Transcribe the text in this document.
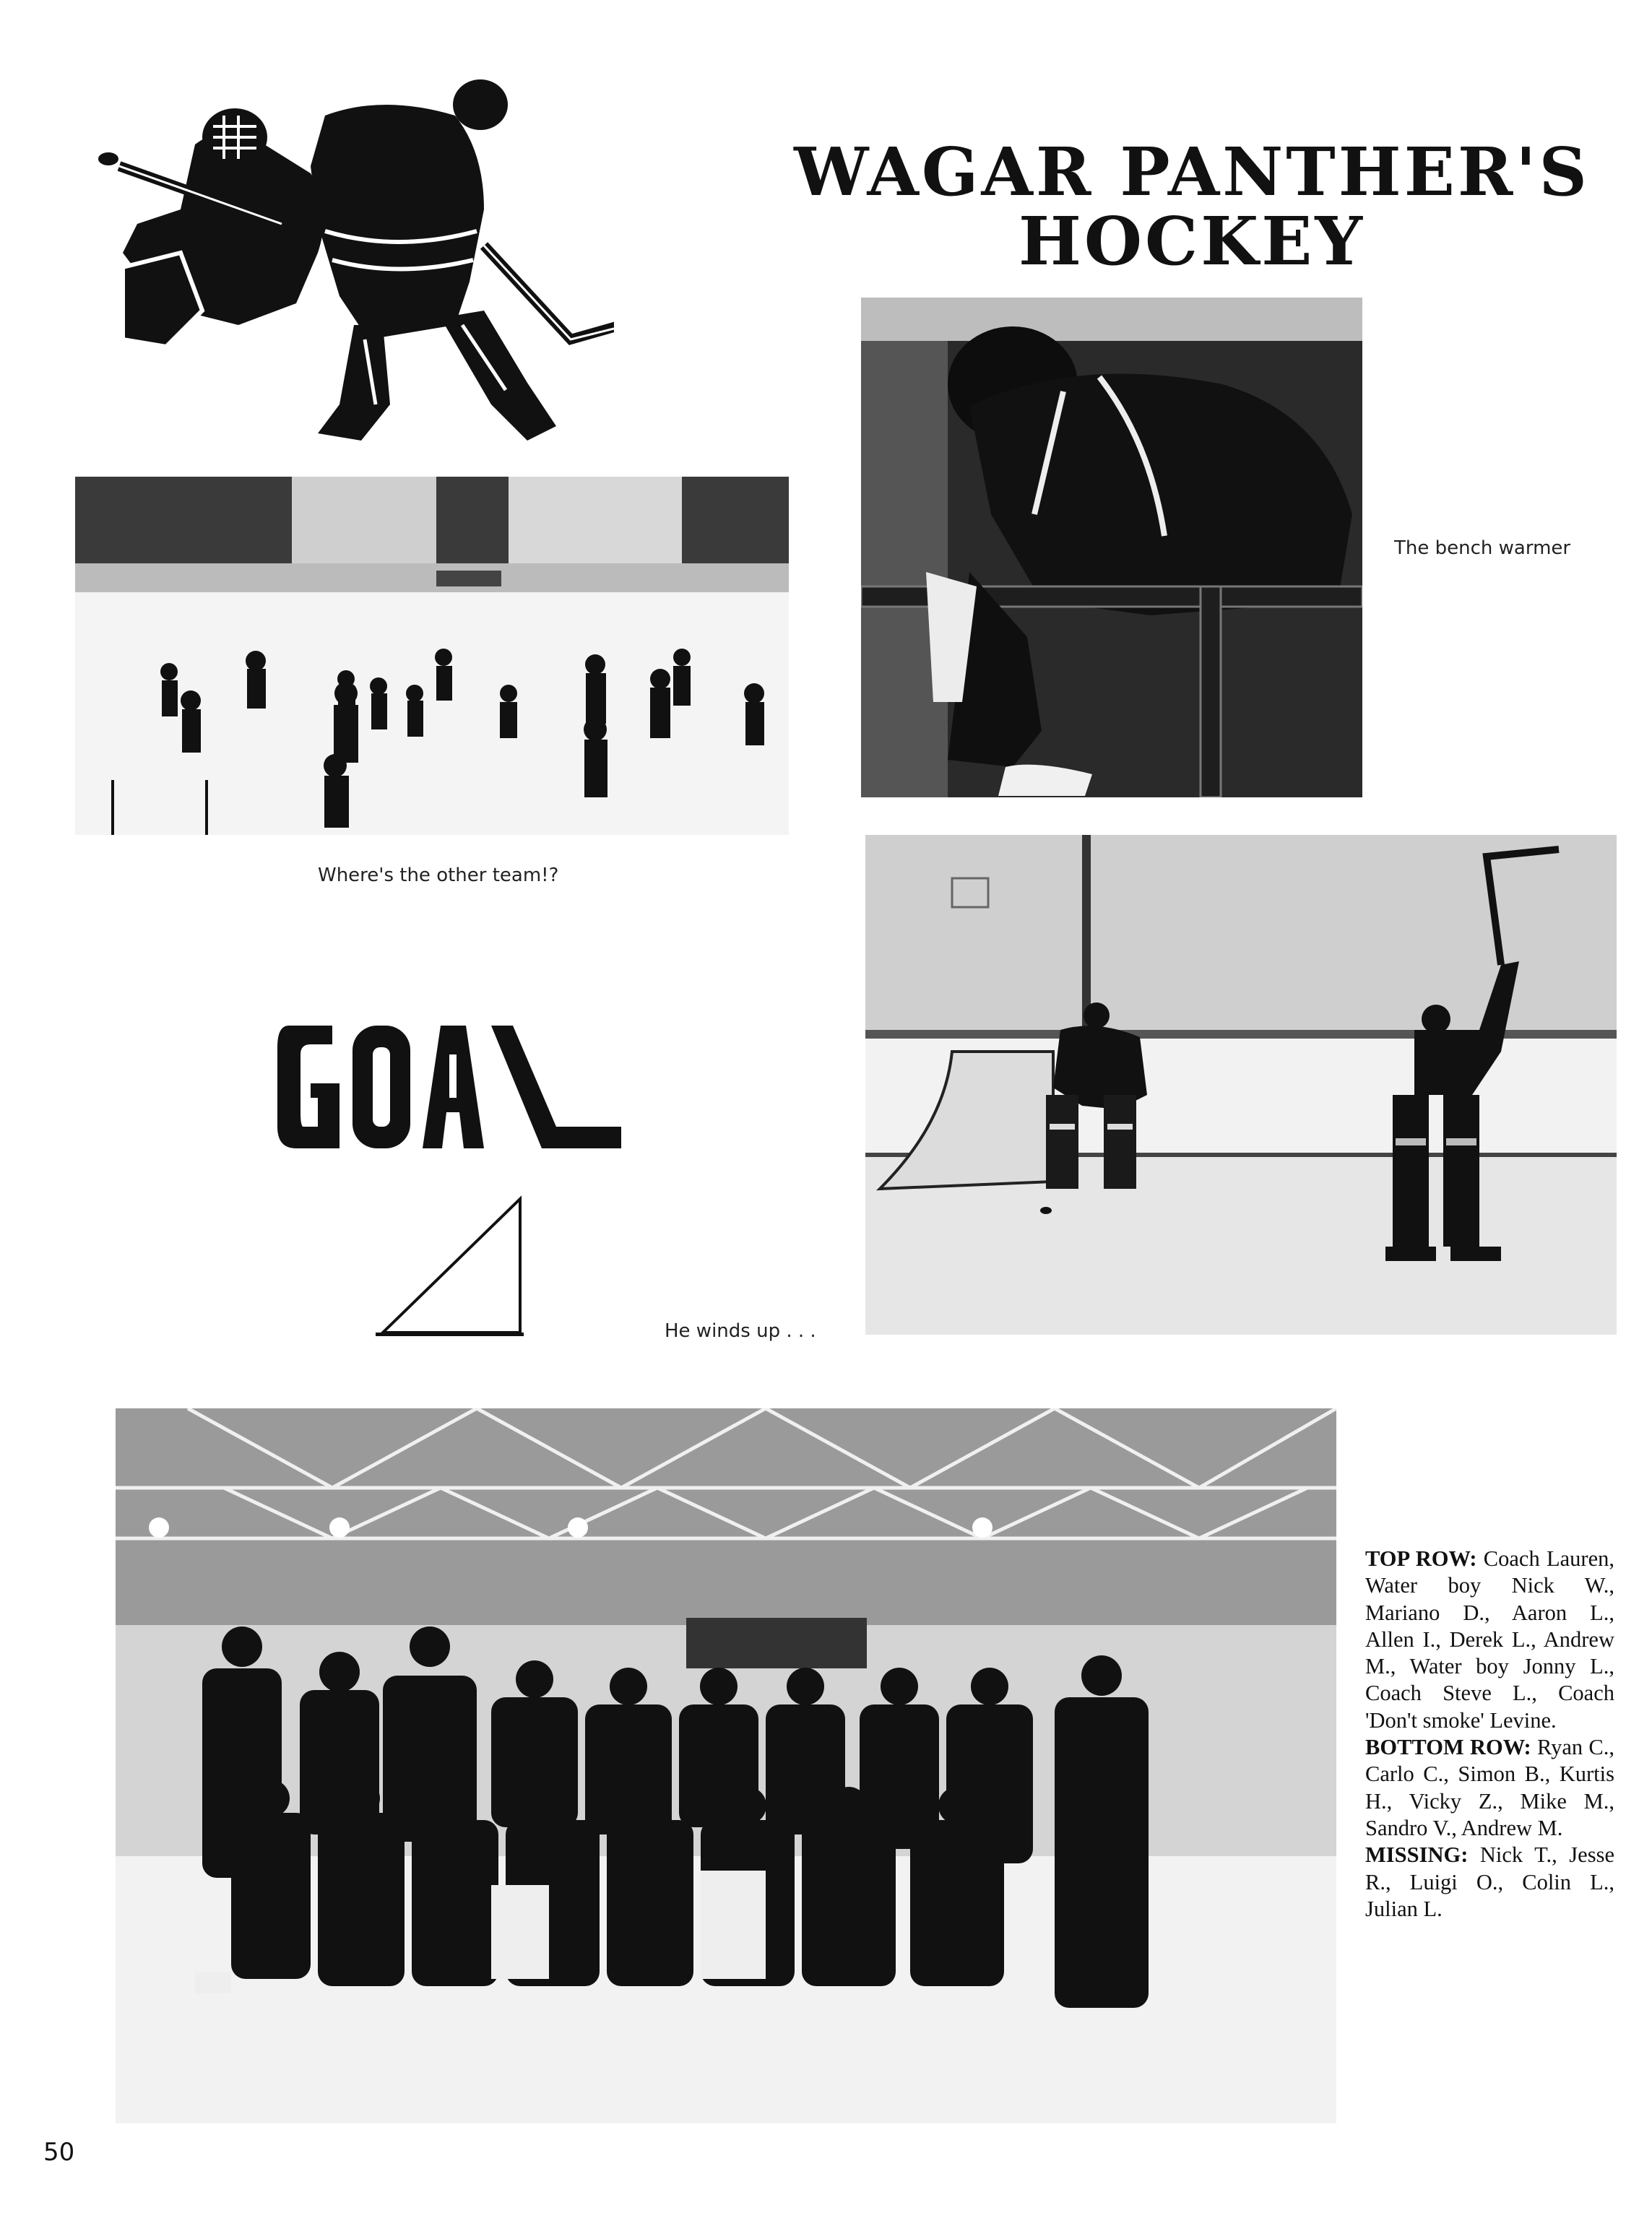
WAGAR PANTHER'S
HOCKEY
Where's the other team!?
The bench warmer
He winds up . . .
TOP ROW: Coach Lauren, Water boy Nick W., Mariano D., Aaron L., Allen I., Derek L., Andrew M., Water boy Jonny L., Coach Steve L., Coach 'Don't smoke' Levine.
BOTTOM ROW: Ryan C., Carlo C., Simon B., Kurtis H., Vicky Z., Mike M., Sandro V., Andrew M.
MISSING: Nick T., Jesse R., Luigi O., Colin L., Julian L.
50
